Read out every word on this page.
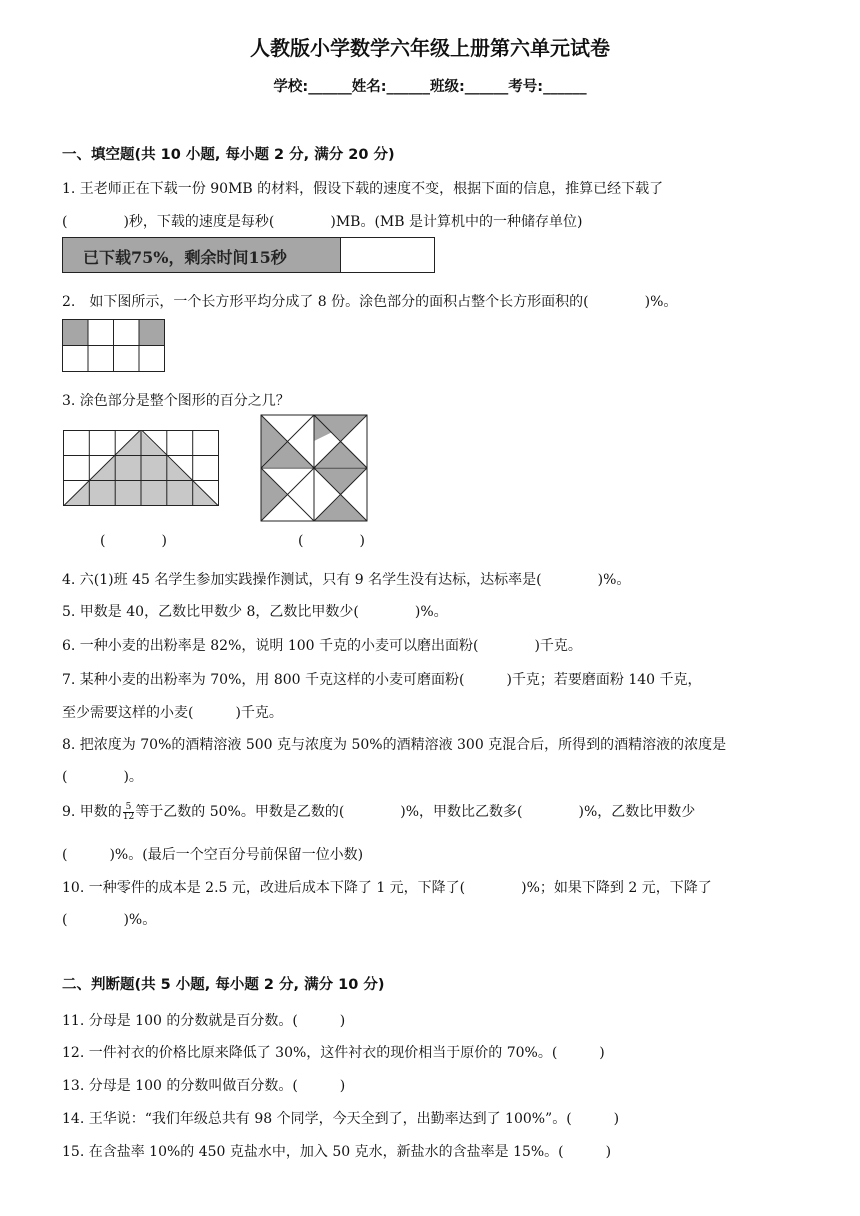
人教版小学数学六年级上册第六单元试卷
学校:______姓名:______班级:______考号:______
一、填空题(共 10 小题, 每小题 2 分, 满分 20 分)
1. 王老师正在下载一份 90MB 的材料，假设下载的速度不变，根据下面的信息，推算已经下载了
(　　　　)秒，下载的速度是每秒(　　　　)MB。(MB 是计算机中的一种储存单位)
已下载75%，剩余时间15秒
2.　如下图所示，一个长方形平均分成了 8 份。涂色部分的面积占整个长方形面积的(　　　　)%。
3. 涂色部分是整个图形的百分之几？
(　　　　)	(　　　　)
4. 六(1)班 45 名学生参加实践操作测试，只有 9 名学生没有达标，达标率是(　　　　)%。
5. 甲数是 40，乙数比甲数少 8，乙数比甲数少(　　　　)%。
6. 一种小麦的出粉率是 82%，说明 100 千克的小麦可以磨出面粉(　　　　)千克。
7. 某种小麦的出粉率为 70%，用 800 千克这样的小麦可磨面粉(　　　)千克；若要磨面粉 140 千克，
至少需要这样的小麦(　　　)千克。
8. 把浓度为 70%的酒精溶液 500 克与浓度为 50%的酒精溶液 300 克混合后，所得到的酒精溶液的浓度是
(　　　　)。
9. 甲数的 $\frac{5}{12}$ 等于乙数的 50%。甲数是乙数的(　　　　)%，甲数比乙数多(　　　　)%，乙数比甲数少
(　　　)%。(最后一个空百分号前保留一位小数)
10. 一种零件的成本是 2.5 元，改进后成本下降了 1 元，下降了(　　　　)%；如果下降到 2 元，下降了
(　　　　)%。
二、判断题(共 5 小题, 每小题 2 分, 满分 10 分)
11. 分母是 100 的分数就是百分数。(　　　)
12. 一件衬衣的价格比原来降低了 30%，这件衬衣的现价相当于原价的 70%。(　　　)
13. 分母是 100 的分数叫做百分数。(　　　)
14. 王华说：“我们年级总共有 98 个同学，今天全到了，出勤率达到了 100%”。(　　　)
15. 在含盐率 10%的 450 克盐水中，加入 50 克水，新盐水的含盐率是 15%。(　　　)
